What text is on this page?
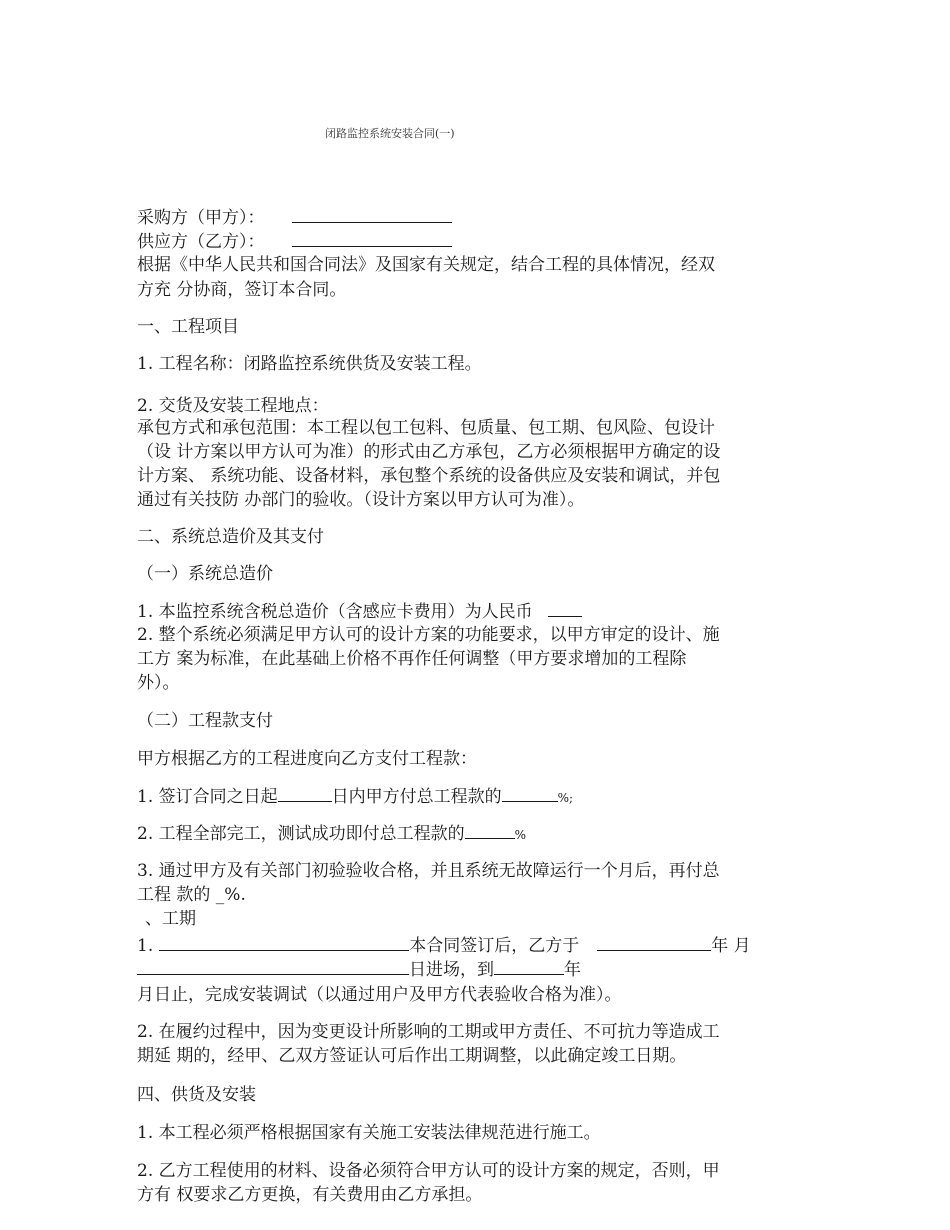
闭路监控系统安装合同(一)
采购方（甲方）：
供应方（乙方）：
根据《中华人民共和国合同法》及国家有关规定，结合工程的具体情况，经双
方充 分协商，签订本合同。
一、工程项目
1. 工程名称：闭路监控系统供货及安装工程。
2. 交货及安装工程地点：
承包方式和承包范围：本工程以包工包料、包质量、包工期、包风险、包设计
（设 计方案以甲方认可为准）的形式由乙方承包，乙方必须根据甲方确定的设
计方案、 系统功能、设备材料，承包整个系统的设备供应及安装和调试，并包
通过有关技防 办部门的验收。（设计方案以甲方认可为准）。
二、系统总造价及其支付
（一）系统总造价
1. 本监控系统含税总造价（含感应卡费用）为人民币
2. 整个系统必须满足甲方认可的设计方案的功能要求，以甲方审定的设计、施
工方 案为标准，在此基础上价格不再作任何调整（甲方要求增加的工程除
外）。
（二）工程款支付
甲方根据乙方的工程进度向乙方支付工程款：
1. 签订合同之日起	日内甲方付总工程款的	%;
2. 工程全部完工，测试成功即付总工程款的	%
3. 通过甲方及有关部门初验验收合格，并且系统无故障运行一个月后，再付总
工程 款的 _%.
、工期
1.	本合同签订后，乙方于	年 月
日进场，到	年
月日止，完成安装调试（以通过用户及甲方代表验收合格为准）。
2. 在履约过程中，因为变更设计所影响的工期或甲方责任、不可抗力等造成工
期延 期的，经甲、乙双方签证认可后作出工期调整，以此确定竣工日期。
四、供货及安装
1. 本工程必须严格根据国家有关施工安装法律规范进行施工。
2. 乙方工程使用的材料、设备必须符合甲方认可的设计方案的规定，否则，甲
方有 权要求乙方更换，有关费用由乙方承担。
